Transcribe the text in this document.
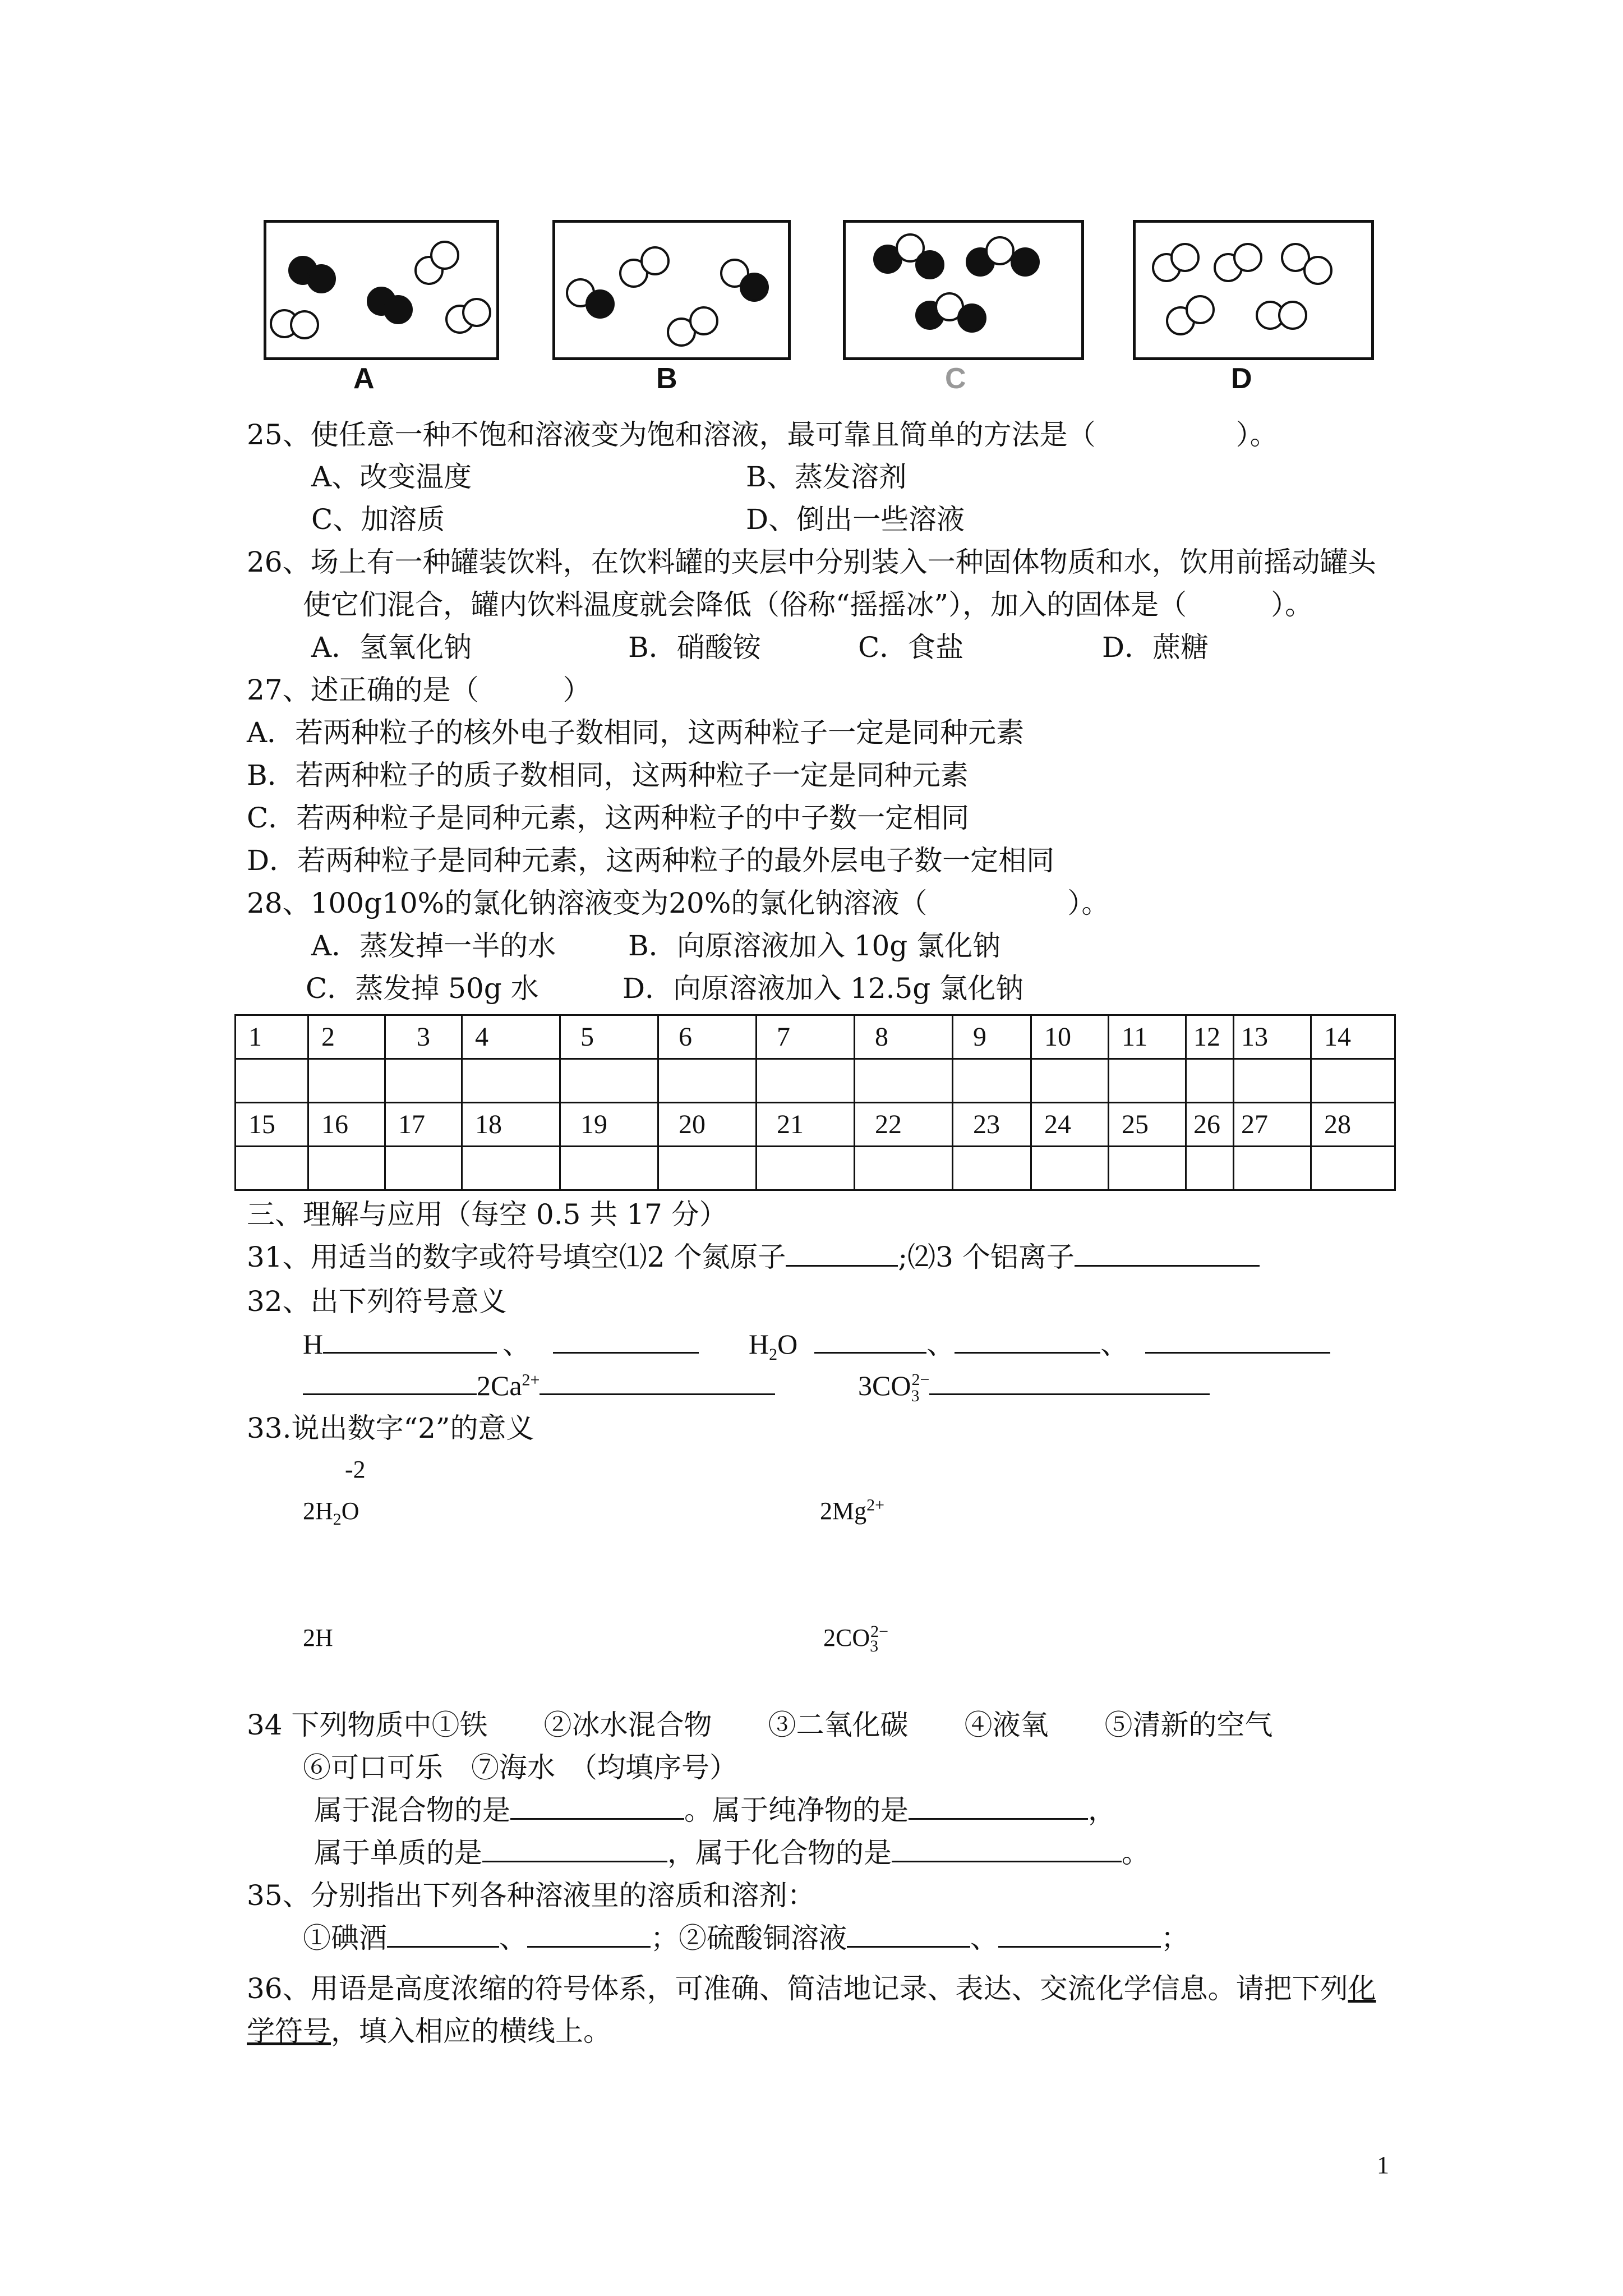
A	B	C	D
25、使任意一种不饱和溶液变为饱和溶液，最可靠且简单的方法是（　　　　　）。
A、改变温度	B、蒸发溶剂
C、加溶质	D、倒出一些溶液
26、场上有一种罐装饮料，在饮料罐的夹层中分别装入一种固体物质和水，饮用前摇动罐头
使它们混合，罐内饮料温度就会降低（俗称“摇摇冰”），加入的固体是（　　　）。
A．氢氧化钠	B．硝酸铵	C．食盐	D．蔗糖
27、述正确的是（　　　）
A．若两种粒子的核外电子数相同，这两种粒子一定是同种元素
B．若两种粒子的质子数相同，这两种粒子一定是同种元素
C．若两种粒子是同种元素，这两种粒子的中子数一定相同
D．若两种粒子是同种元素，这两种粒子的最外层电子数一定相同
28、100g10%的氯化钠溶液变为20%的氯化钠溶液（　　　　　）。
A．蒸发掉一半的水	B．向原溶液加入 10g 氯化钠
C．蒸发掉 50g 水	D．向原溶液加入 12.5g 氯化钠
1	2	3	4	5	6	7	8	9	10	11	12	13	14

15	16	17	18	19	20	21	22	23	24	25	26	27	28

三、理解与应用（每空 0.5 共 17 分）
31、用适当的数字或符号填空⑴2 个氮原子	;⑵3 个铝离子
32、出下列符号意义
H	、	$H_2O$	、	、
$2Ca^{2+}$	$3CO_3^{2-}$
33.说出数字“2”的意义
-2
$2H_2O$	$2Mg^{2+}$
2H	$2CO_3^{2-}$
34 下列物质中①铁　　②冰水混合物　　③二氧化碳　　④液氧　　⑤清新的空气
⑥可口可乐　⑦海水　（均填序号）
属于混合物的是	。属于纯净物的是	，
属于单质的是	，属于化合物的是	。
35、分别指出下列各种溶液里的溶质和溶剂：
①碘酒	、	；②硫酸铜溶液	、	；
36、用语是高度浓缩的符号体系，可准确、简洁地记录、表达、交流化学信息。请把下列化
学符号，填入相应的横线上。
1
